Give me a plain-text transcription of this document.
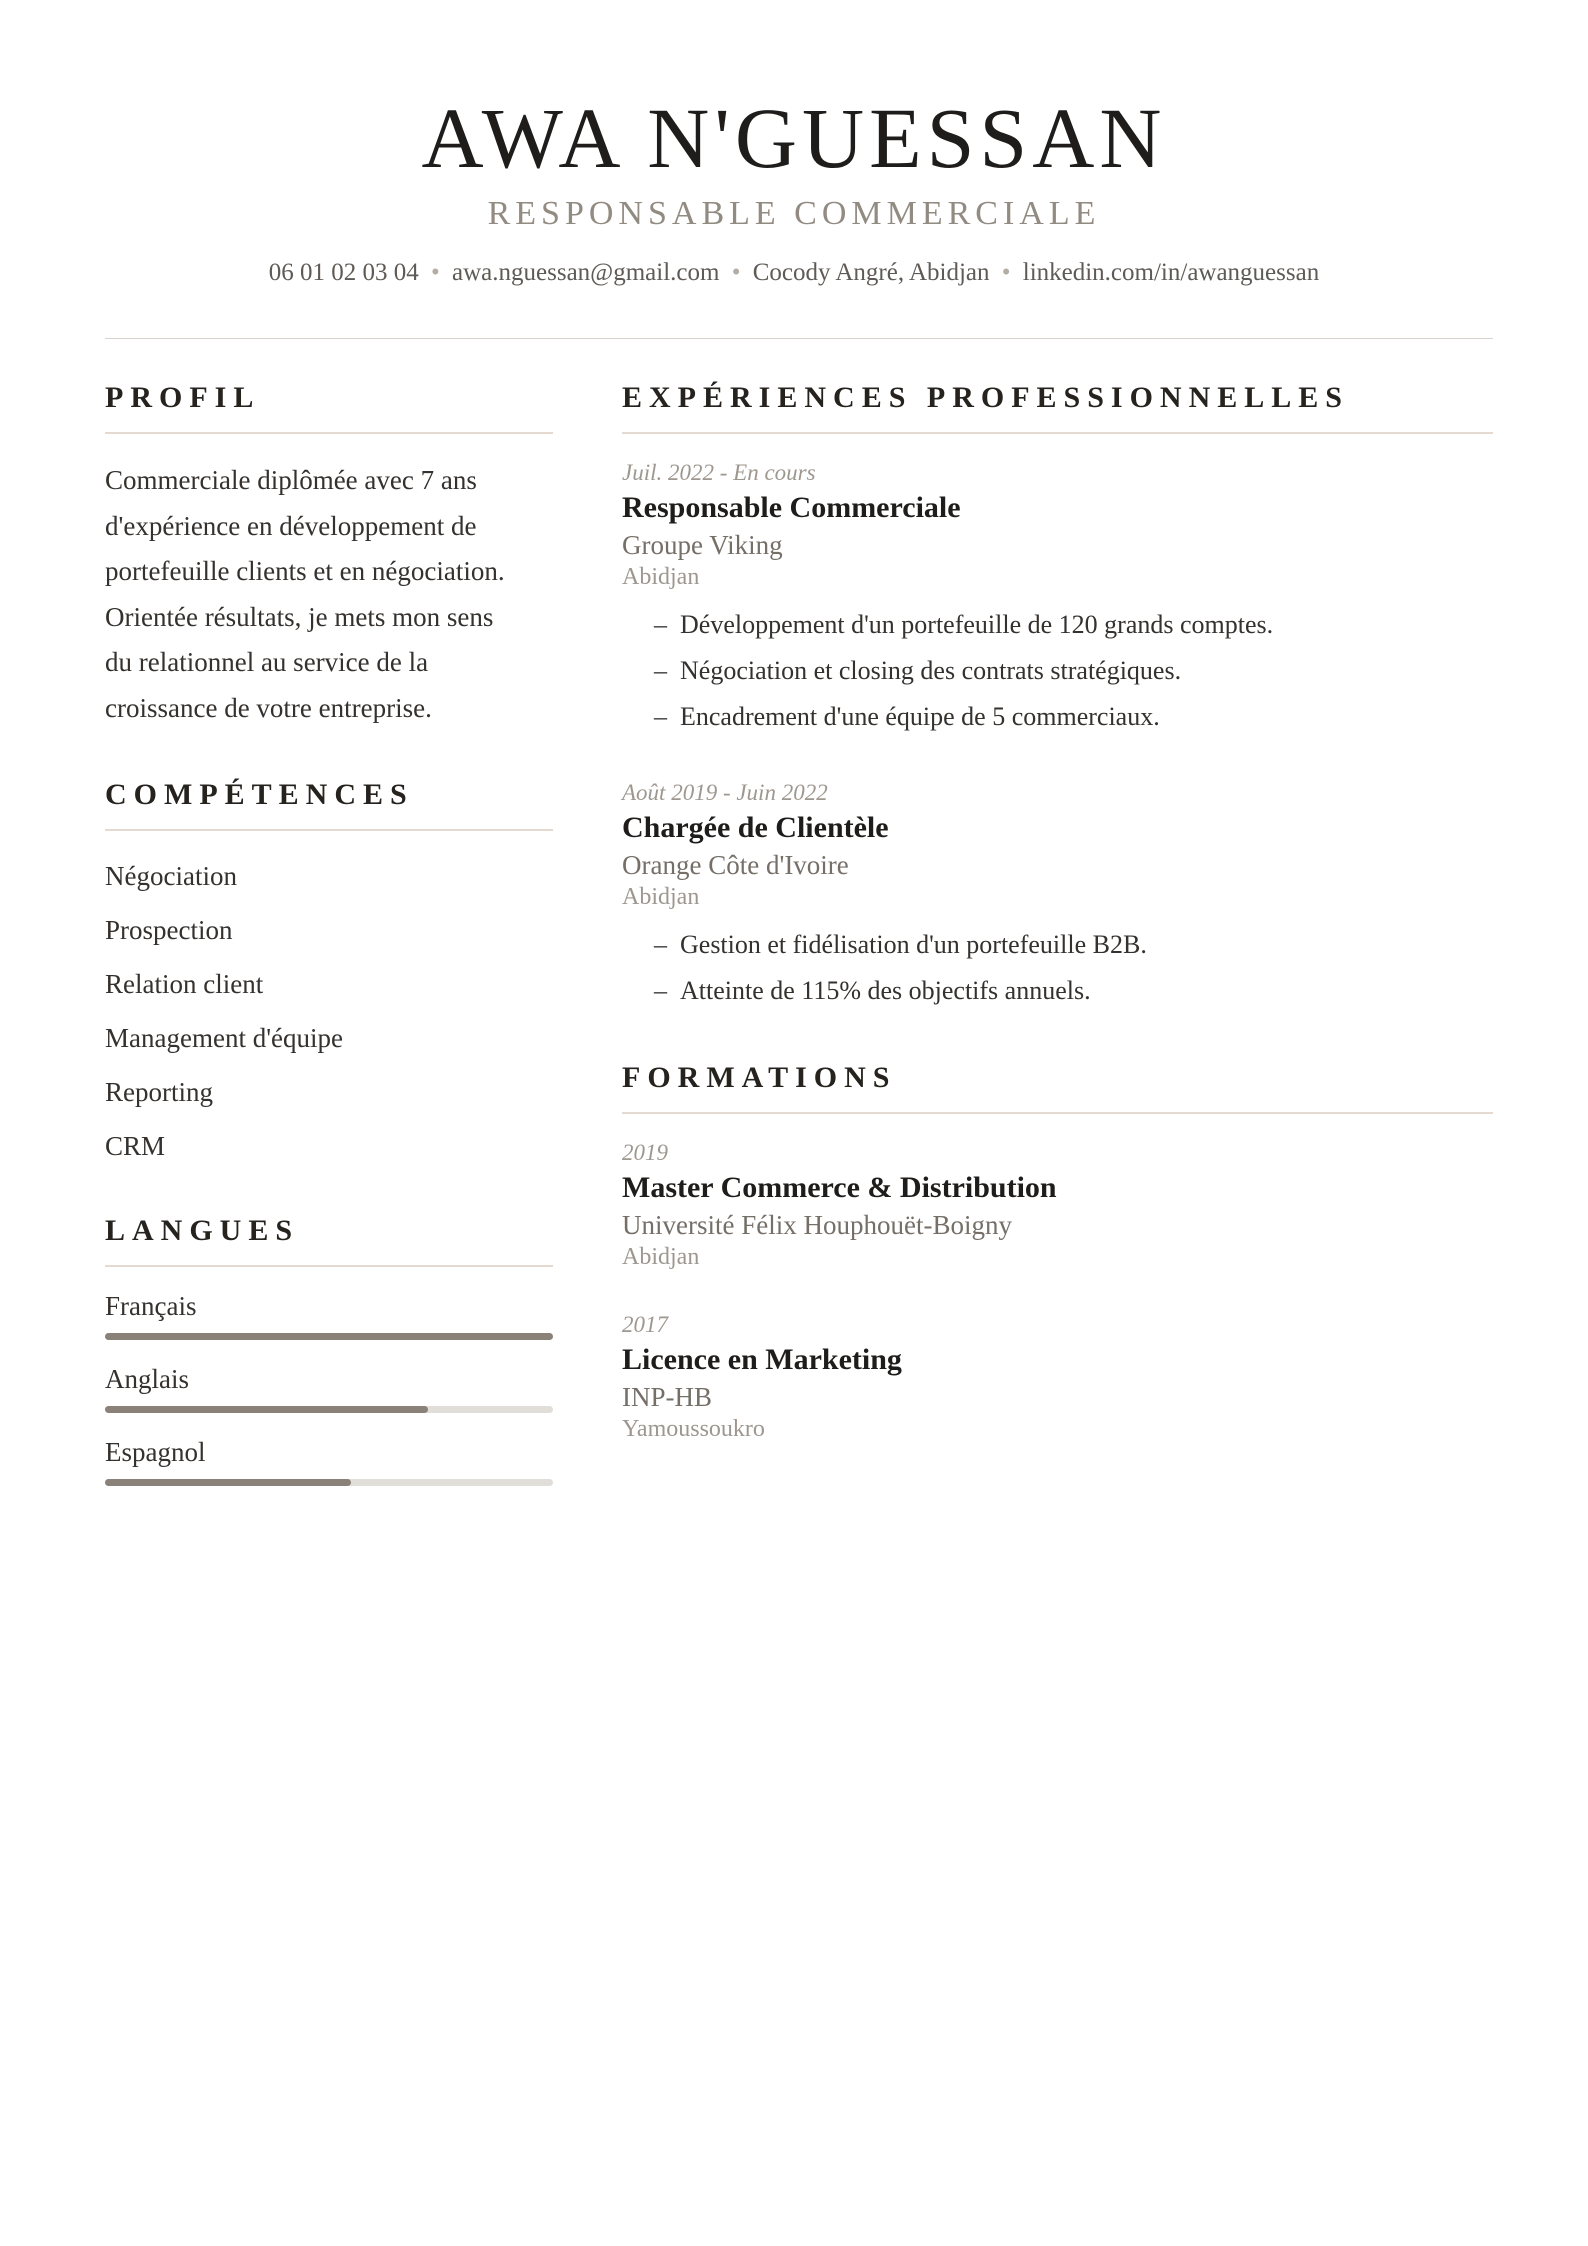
AWA N'GUESSAN
RESPONSABLE COMMERCIALE
06 01 02 03 04 • awa.nguessan@gmail.com • Cocody Angré, Abidjan • linkedin.com/in/awanguessan
PROFIL

Commerciale diplômée avec 7 ans
d'expérience en développement de
portefeuille clients et en négociation.
Orientée résultats, je mets mon sens
du relationnel au service de la
croissance de votre entreprise.

COMPÉTENCES
Négociation
Prospection
Relation client
Management d'équipe
Reporting
CRM
LANGUES
Français
Anglais
Espagnol
EXPÉRIENCES PROFESSIONNELLES
Juil. 2022 - En cours
Responsable Commerciale
Groupe Viking
Abidjan
– Développement d'un portefeuille de 120 grands comptes.
– Négociation et closing des contrats stratégiques.
– Encadrement d'une équipe de 5 commerciaux.
Août 2019 - Juin 2022
Chargée de Clientèle
Orange Côte d'Ivoire
Abidjan
– Gestion et fidélisation d'un portefeuille B2B.
– Atteinte de 115% des objectifs annuels.
FORMATIONS
2019
Master Commerce & Distribution
Université Félix Houphouët-Boigny
Abidjan
2017
Licence en Marketing
INP-HB
Yamoussoukro
